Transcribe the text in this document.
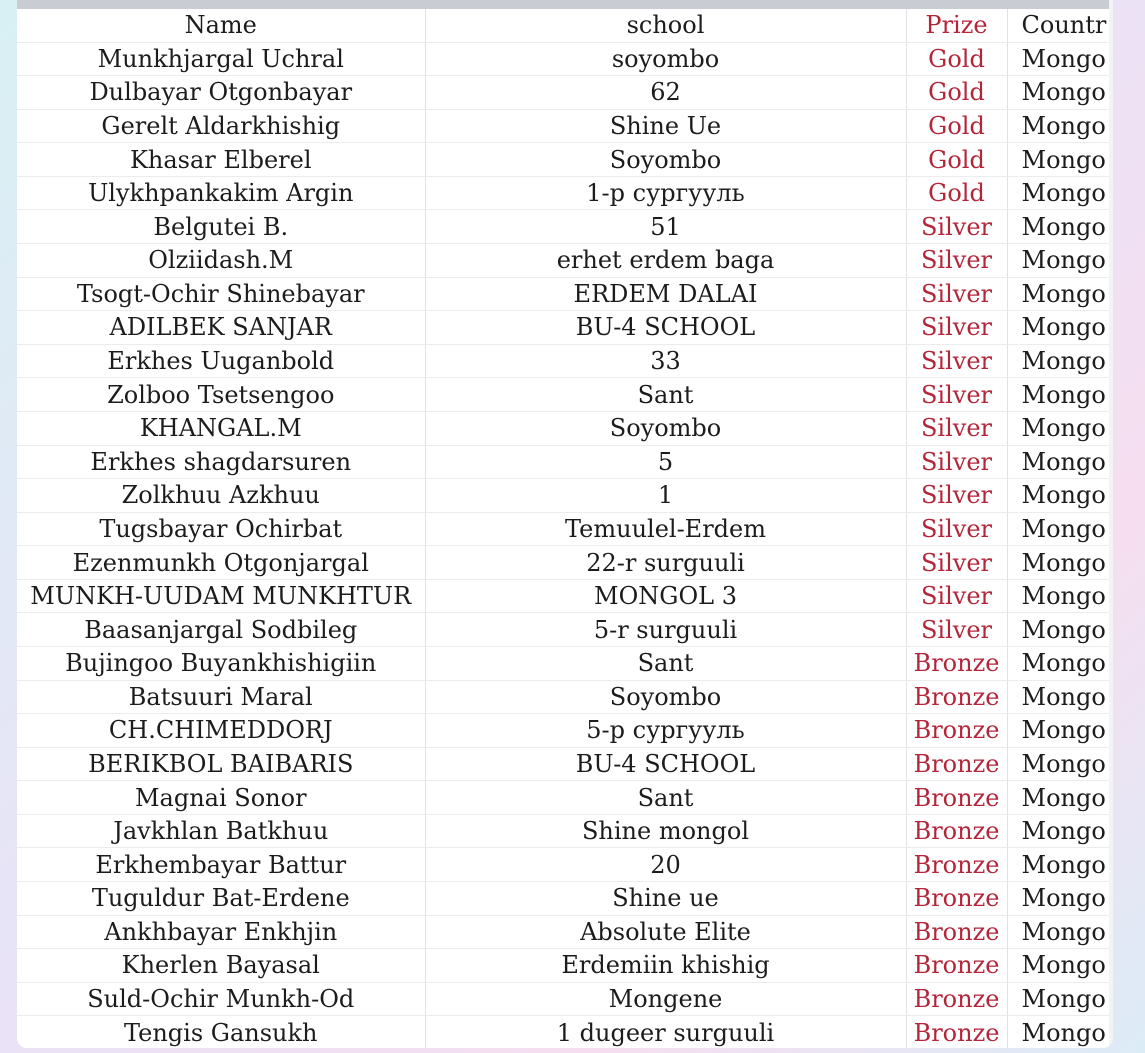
Name	school	Prize	Countr
Munkhjargal Uchral	soyombo	Gold	Mongo
Dulbayar Otgonbayar	62	Gold	Mongo
Gerelt Aldarkhishig	Shine Ue	Gold	Mongo
Khasar Elberel	Soyombo	Gold	Mongo
Ulykhpankakim Argin	1-р сургууль	Gold	Mongo
Belgutei B.	51	Silver	Mongo
Olziidash.M	erhet erdem baga	Silver	Mongo
Tsogt-Ochir Shinebayar	ERDEM DALAI	Silver	Mongo
ADILBEK SANJAR	BU-4 SCHOOL	Silver	Mongo
Erkhes Uuganbold	33	Silver	Mongo
Zolboo Tsetsengoo	Sant	Silver	Mongo
KHANGAL.M	Soyombo	Silver	Mongo
Erkhes shagdarsuren	5	Silver	Mongo
Zolkhuu Azkhuu	1	Silver	Mongo
Tugsbayar Ochirbat	Temuulel-Erdem	Silver	Mongo
Ezenmunkh Otgonjargal	22-r surguuli	Silver	Mongo
MUNKH-UUDAM MUNKHTUR	MONGOL 3	Silver	Mongo
Baasanjargal Sodbileg	5-r surguuli	Silver	Mongo
Bujingoo Buyankhishigiin	Sant	Bronze	Mongo
Batsuuri Maral	Soyombo	Bronze	Mongo
CH.CHIMEDDORJ	5-р сургууль	Bronze	Mongo
BERIKBOL BAIBARIS	BU-4 SCHOOL	Bronze	Mongo
Magnai Sonor	Sant	Bronze	Mongo
Javkhlan Batkhuu	Shine mongol	Bronze	Mongo
Erkhembayar Battur	20	Bronze	Mongo
Tuguldur Bat-Erdene	Shine ue	Bronze	Mongo
Ankhbayar Enkhjin	Absolute Elite	Bronze	Mongo
Kherlen Bayasal	Erdemiin khishig	Bronze	Mongo
Suld-Ochir Munkh-Od	Mongene	Bronze	Mongo
Tengis Gansukh	1 dugeer surguuli	Bronze	Mongo
